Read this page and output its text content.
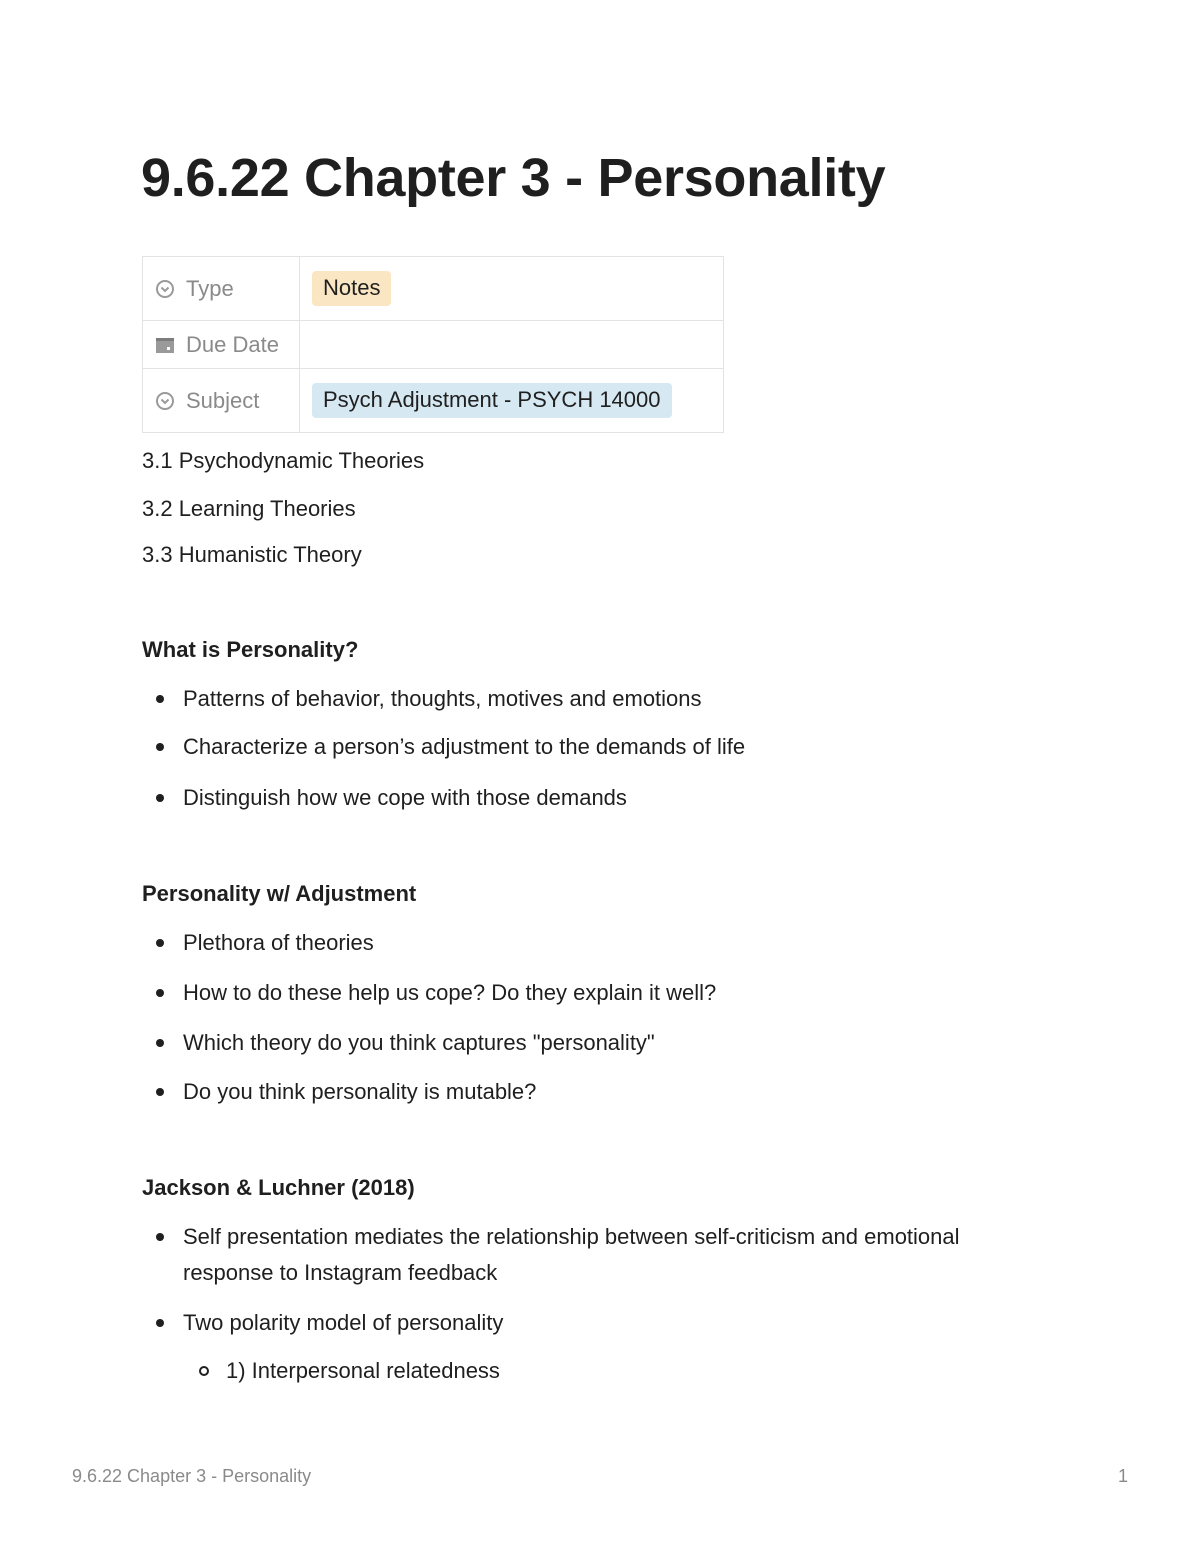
9.6.22 Chapter 3 - Personality
Type	Notes

Due Date	

Subject	Psych Adjustment - PSYCH 14000

3.1 Psychodynamic Theories

3.2 Learning Theories

3.3 Humanistic Theory

What is Personality?

Patterns of behavior, thoughts, motives and emotions

Characterize a person’s adjustment to the demands of life

Distinguish how we cope with those demands

Personality w/ Adjustment

Plethora of theories

How to do these help us cope? Do they explain it well?

Which theory do you think captures "personality"

Do you think personality is mutable?

Jackson & Luchner (2018)

Self presentation mediates the relationship between self-criticism and emotional response to Instagram feedback

Two polarity model of personality

1) Interpersonal relatedness

9.6.22 Chapter 3 - Personality	1
